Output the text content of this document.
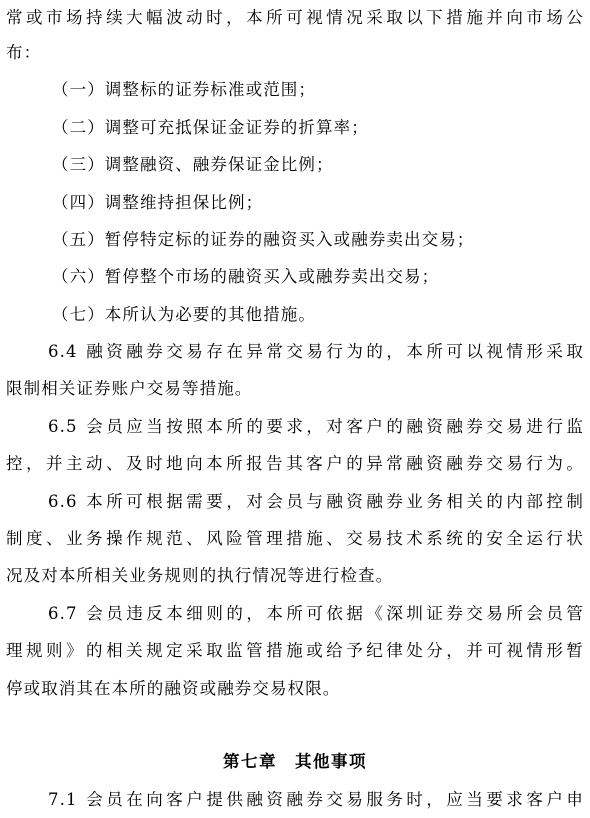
常或市场持续大幅波动时，本所可视情况采取以下措施并向市场公
布：
（一）调整标的证券标准或范围；
（二）调整可充抵保证金证券的折算率；
（三）调整融资、融券保证金比例；
（四）调整维持担保比例；
（五）暂停特定标的证券的融资买入或融券卖出交易；
（六）暂停整个市场的融资买入或融券卖出交易；
（七）本所认为必要的其他措施。
6.4 融资融券交易存在异常交易行为的，本所可以视情形采取
限制相关证券账户交易等措施。
6.5 会员应当按照本所的要求，对客户的融资融券交易进行监
控，并主动、及时地向本所报告其客户的异常融资融券交易行为。
6.6 本所可根据需要，对会员与融资融券业务相关的内部控制
制度、业务操作规范、风险管理措施、交易技术系统的安全运行状
况及对本所相关业务规则的执行情况等进行检查。
6.7 会员违反本细则的，本所可依据《深圳证券交易所会员管
理规则》的相关规定采取监管措施或给予纪律处分，并可视情形暂
停或取消其在本所的融资或融券交易权限。
第七章　其他事项
7.1 会员在向客户提供融资融券交易服务时，应当要求客户申
